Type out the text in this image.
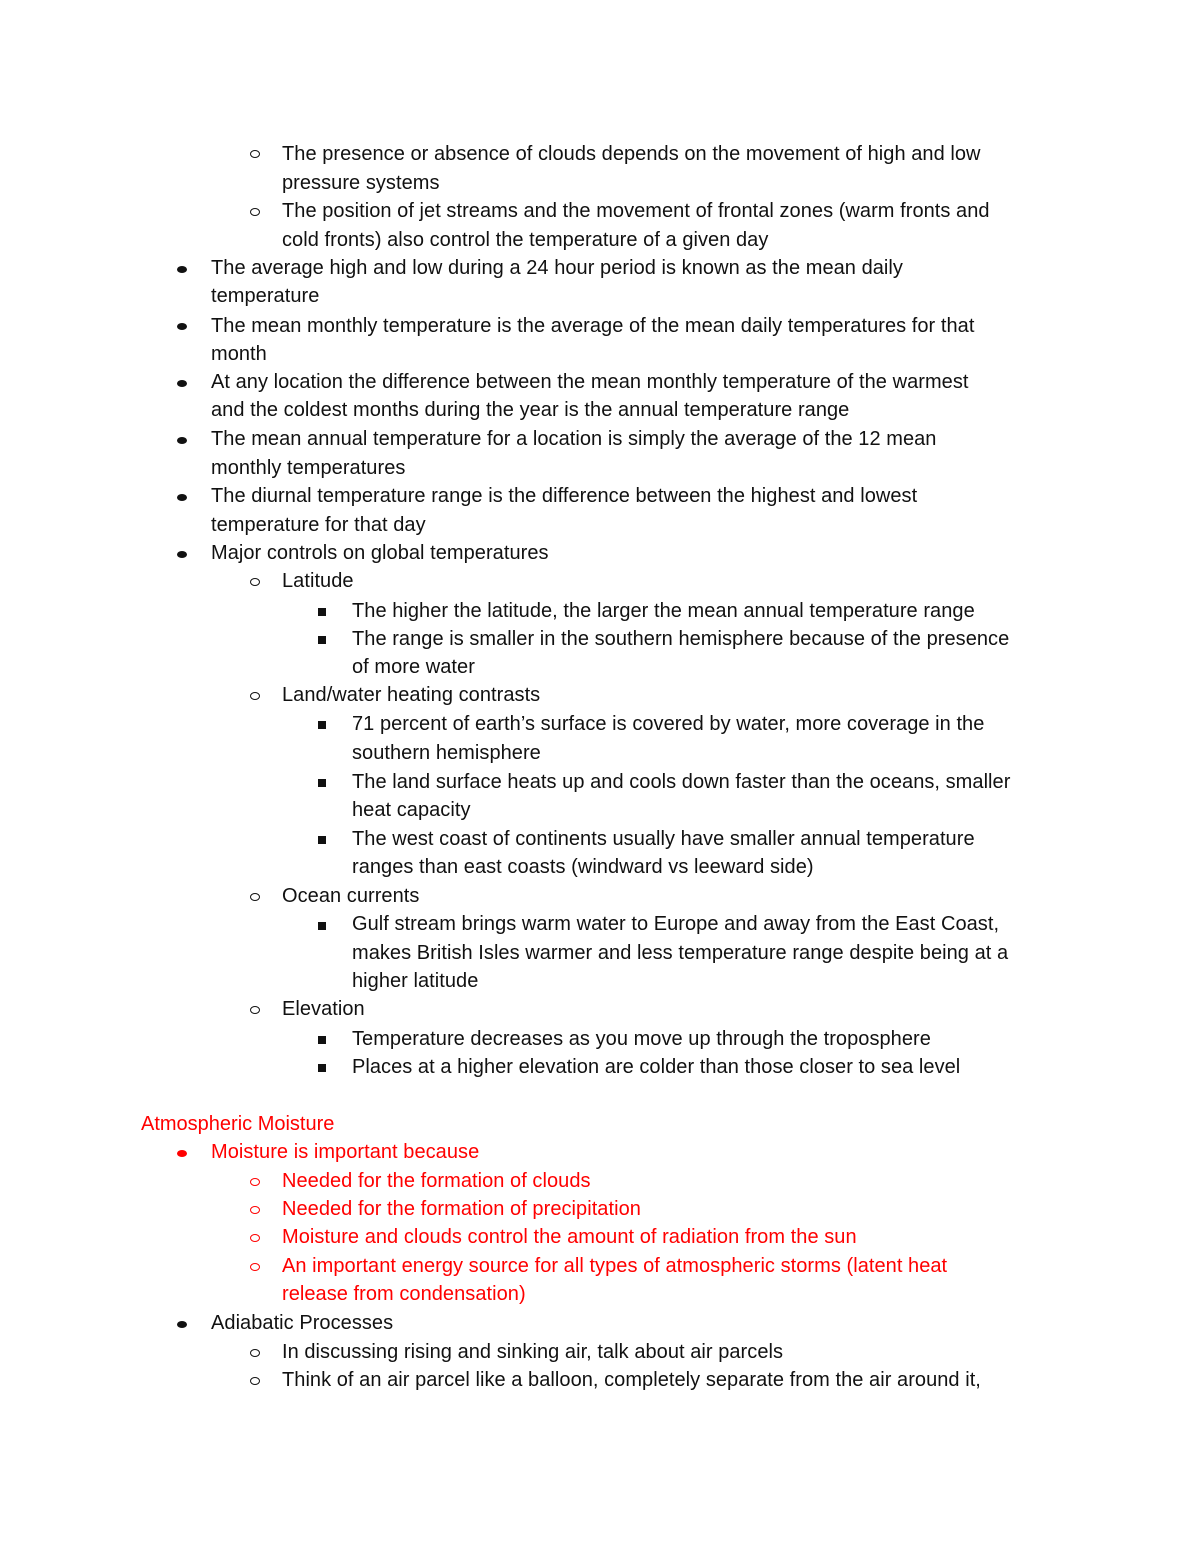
The presence or absence of clouds depends on the movement of high and low
pressure systems
The position of jet streams and the movement of frontal zones (warm fronts and
cold fronts) also control the temperature of a given day
The average high and low during a 24 hour period is known as the mean daily
temperature
The mean monthly temperature is the average of the mean daily temperatures for that
month
At any location the difference between the mean monthly temperature of the warmest
and the coldest months during the year is the annual temperature range
The mean annual temperature for a location is simply the average of the 12 mean
monthly temperatures
The diurnal temperature range is the difference between the highest and lowest
temperature for that day
Major controls on global temperatures
Latitude
The higher the latitude, the larger the mean annual temperature range
The range is smaller in the southern hemisphere because of the presence
of more water
Land/water heating contrasts
71 percent of earth’s surface is covered by water, more coverage in the
southern hemisphere
The land surface heats up and cools down faster than the oceans, smaller
heat capacity
The west coast of continents usually have smaller annual temperature
ranges than east coasts (windward vs leeward side)
Ocean currents
Gulf stream brings warm water to Europe and away from the East Coast,
makes British Isles warmer and less temperature range despite being at a
higher latitude
Elevation
Temperature decreases as you move up through the troposphere
Places at a higher elevation are colder than those closer to sea level
Atmospheric Moisture
Moisture is important because
Needed for the formation of clouds
Needed for the formation of precipitation
Moisture and clouds control the amount of radiation from the sun
An important energy source for all types of atmospheric storms (latent heat
release from condensation)
Adiabatic Processes
In discussing rising and sinking air, talk about air parcels
Think of an air parcel like a balloon, completely separate from the air around it,
